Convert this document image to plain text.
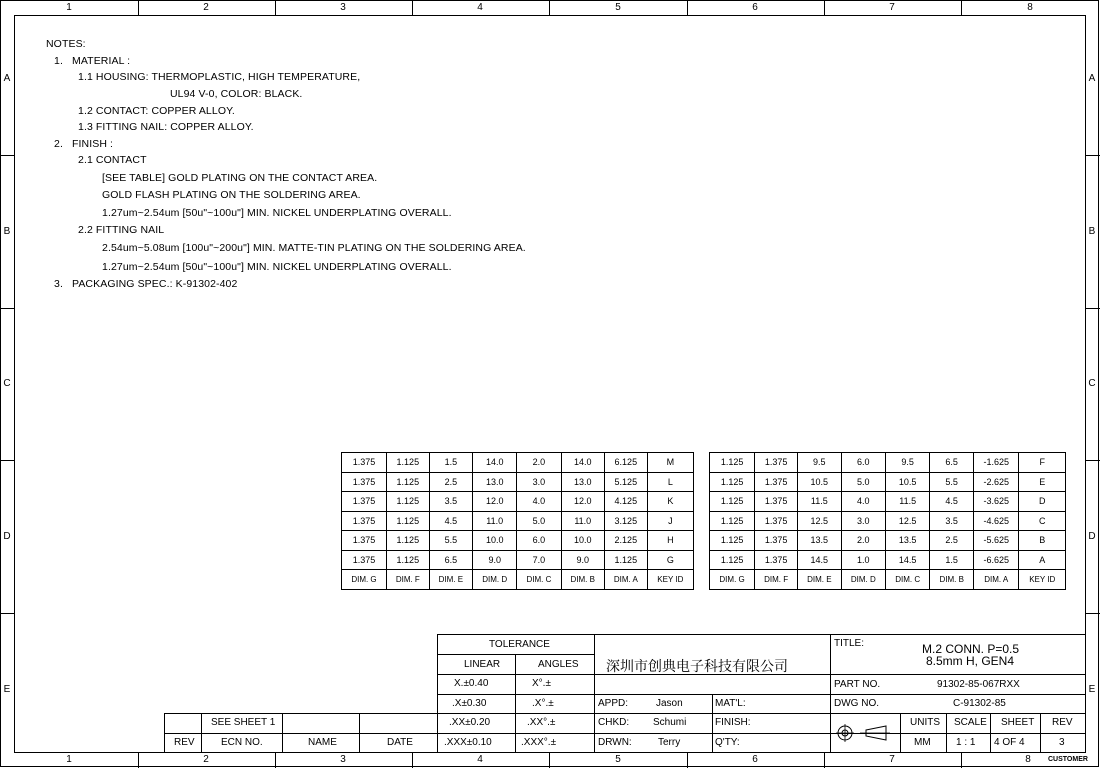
1	2	3	4	5	6	7	8
1	2	3	4	5	6	7	8	CUSTOMER
A
B
C
D
E
A
B
C
D
E
NOTES:
1.   MATERIAL :
1.1 HOUSING: THERMOPLASTIC, HIGH TEMPERATURE,
UL94 V-0, COLOR: BLACK.
1.2 CONTACT: COPPER ALLOY.
1.3 FITTING NAIL: COPPER ALLOY.
2.   FINISH :
2.1 CONTACT
[SEE TABLE] GOLD PLATING ON THE CONTACT AREA.
GOLD FLASH PLATING ON THE SOLDERING AREA.
1.27um~2.54um [50u"~100u"] MIN. NICKEL UNDERPLATING OVERALL.
2.2 FITTING NAIL
2.54um~5.08um [100u"~200u"] MIN. MATTE-TIN PLATING ON THE SOLDERING AREA.
1.27um~2.54um [50u"~100u"] MIN. NICKEL UNDERPLATING OVERALL.
3.   PACKAGING SPEC.: K-91302-402
1.375	1.125	1.5	14.0	2.0	14.0	6.125	M
1.375	1.125	2.5	13.0	3.0	13.0	5.125	L
1.375	1.125	3.5	12.0	4.0	12.0	4.125	K
1.375	1.125	4.5	11.0	5.0	11.0	3.125	J
1.375	1.125	5.5	10.0	6.0	10.0	2.125	H
1.375	1.125	6.5	9.0	7.0	9.0	1.125	G
DIM. G	DIM. F	DIM. E	DIM. D	DIM. C	DIM. B	DIM. A	KEY ID
1.125	1.375	9.5	6.0	9.5	6.5	-1.625	F
1.125	1.375	10.5	5.0	10.5	5.5	-2.625	E
1.125	1.375	11.5	4.0	11.5	4.5	-3.625	D
1.125	1.375	12.5	3.0	12.5	3.5	-4.625	C
1.125	1.375	13.5	2.0	13.5	2.5	-5.625	B
1.125	1.375	14.5	1.0	14.5	1.5	-6.625	A
DIM. G	DIM. F	DIM. E	DIM. D	DIM. C	DIM. B	DIM. A	KEY ID
TOLERANCE
LINEAR	ANGLES
X.±0.40	X°.±
.X±0.30	.X°.±
.XX±0.20	.XX°.±
.XXX±0.10	.XXX°.±
深圳市创典电子科技有限公司
APPD:	Jason
CHKD: Schumi
DRWN:	Terry
MAT'L:
FINISH:
Q'TY:
TITLE:	M.2 CONN. P=0.5
8.5mm H, GEN4
PART NO.	91302-85-067RXX
DWG NO.	C-91302-85
UNITS
MM
SCALE
1 : 1
SHEET
4 OF 4
REV
3
SEE SHEET 1
REV	ECN NO.	NAME	DATE
